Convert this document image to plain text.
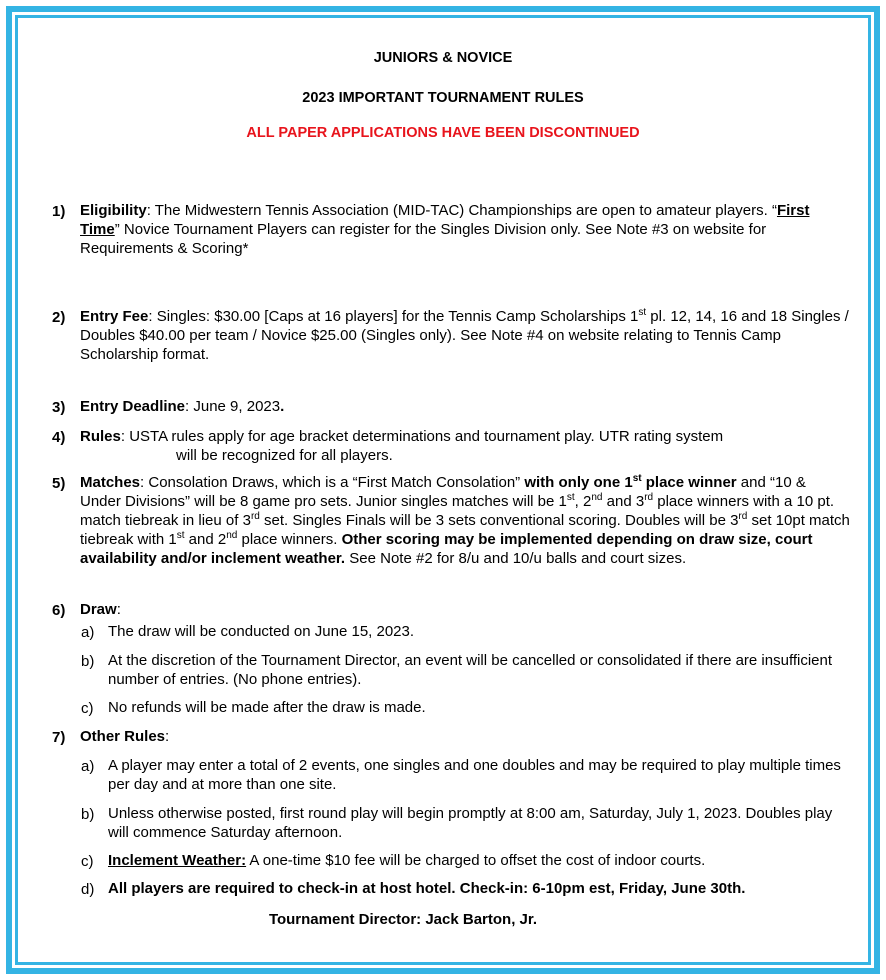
JUNIORS & NOVICE
2023 IMPORTANT TOURNAMENT RULES
ALL PAPER APPLICATIONS HAVE BEEN DISCONTINUED
1) Eligibility: The Midwestern Tennis Association (MID-TAC) Championships are open to amateur players. “First Time” Novice Tournament Players can register for the Singles Division only. See Note #3 on website for Requirements & Scoring*
2) Entry Fee: Singles: $30.00 [Caps at 16 players] for the Tennis Camp Scholarships 1st pl. 12, 14, 16 and 18 Singles / Doubles $40.00 per team / Novice $25.00 (Singles only). See Note #4 on website relating to Tennis Camp Scholarship format.
3) Entry Deadline: June 9, 2023.
4) Rules: USTA rules apply for age bracket determinations and tournament play. UTR rating system
will be recognized for all players.
5) Matches: Consolation Draws, which is a “First Match Consolation” with only one 1st place winner and “10 & Under Divisions” will be 8 game pro sets. Junior singles matches will be 1st, 2nd and 3rd place winners with a 10 pt. match tiebreak in lieu of 3rd set. Singles Finals will be 3 sets conventional scoring. Doubles will be 3rd set 10pt match tiebreak with 1st and 2nd place winners. Other scoring may be implemented depending on draw size, court availability and/or inclement weather. See Note #2 for 8/u and 10/u balls and court sizes.
6) Draw:
a) The draw will be conducted on June 15, 2023.
b) At the discretion of the Tournament Director, an event will be cancelled or consolidated if there are insufficient number of entries. (No phone entries).
c) No refunds will be made after the draw is made.
7) Other Rules:
a) A player may enter a total of 2 events, one singles and one doubles and may be required to play multiple times per day and at more than one site.
b) Unless otherwise posted, first round play will begin promptly at 8:00 am, Saturday, July 1, 2023. Doubles play will commence Saturday afternoon.
c) Inclement Weather: A one-time $10 fee will be charged to offset the cost of indoor courts.
d) All players are required to check-in at host hotel. Check-in: 6-10pm est, Friday, June 30th.
Tournament Director: Jack Barton, Jr.
